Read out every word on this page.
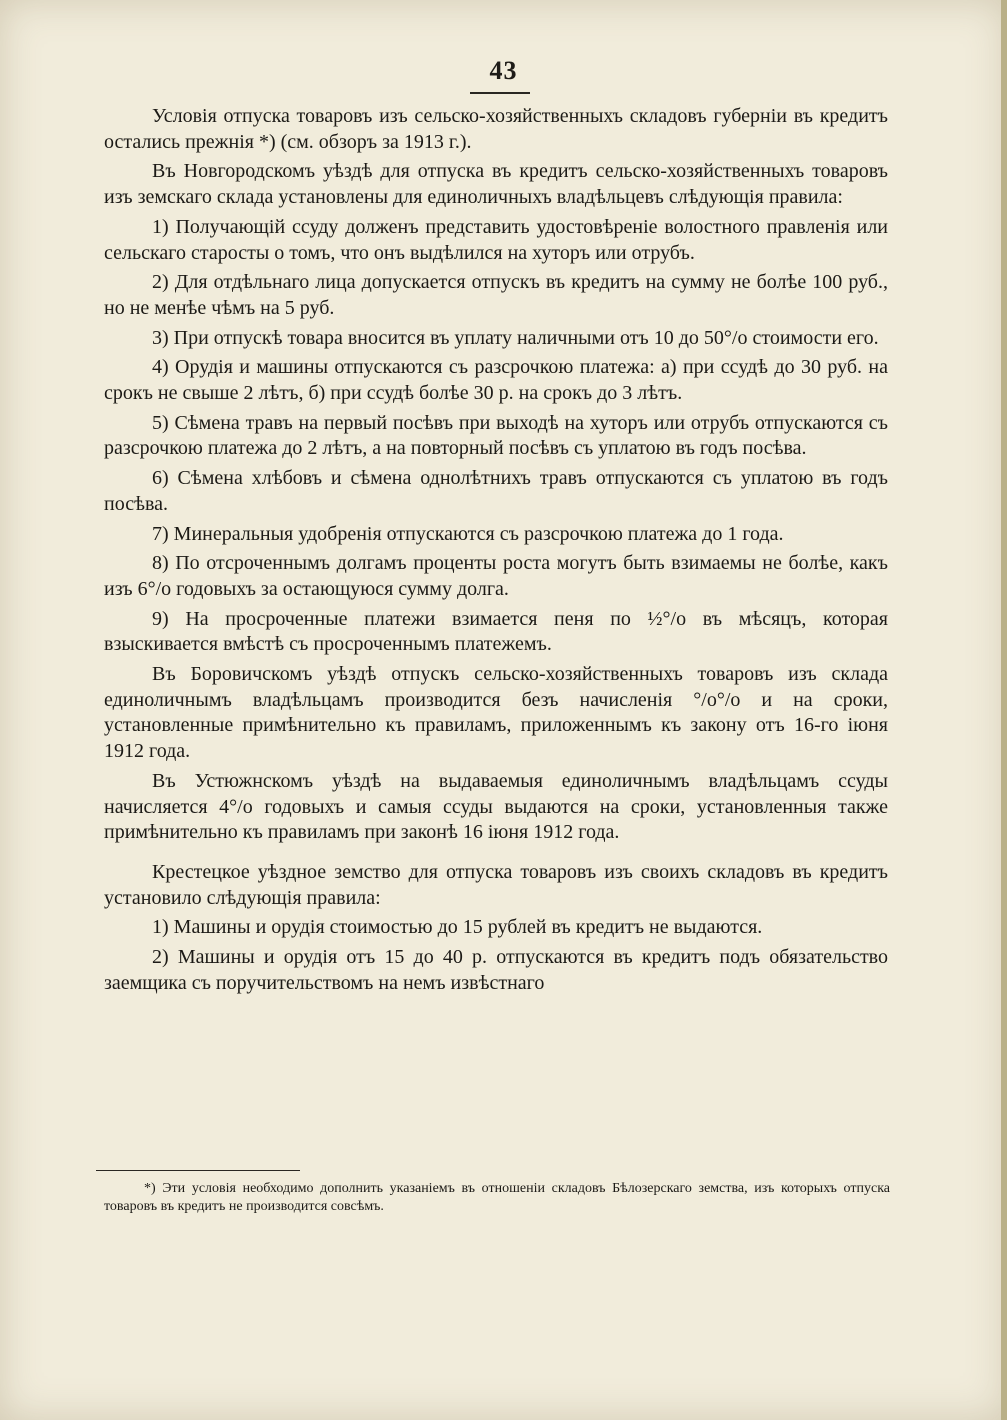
43

Условія отпуска товаровъ изъ сельско-хозяйственныхъ складовъ губерніи въ кредитъ остались прежнія *) (см. обзоръ за 1913 г.).

Въ Новгородскомъ уѣздѣ для отпуска въ кредитъ сельско-хозяйственныхъ товаровъ изъ земскаго склада установлены для единоличныхъ владѣльцевъ слѣдующія правила:

1) Получающій ссуду долженъ представить удостовѣреніе волостного правленія или сельскаго старосты о томъ, что онъ выдѣлился на хуторъ или отрубъ.

2) Для отдѣльнаго лица допускается отпускъ въ кредитъ на сумму не болѣе 100 руб., но не менѣе чѣмъ на 5 руб.

3) При отпускѣ товара вносится въ уплату наличными отъ 10 до 50°/о стоимости его.

4) Орудія и машины отпускаются съ разсрочкою платежа: а) при ссудѣ до 30 руб. на срокъ не свыше 2 лѣтъ, б) при ссудѣ болѣе 30 р. на срокъ до 3 лѣтъ.

5) Сѣмена травъ на первый посѣвъ при выходѣ на хуторъ или отрубъ отпускаются съ разсрочкою платежа до 2 лѣтъ, а на повторный посѣвъ съ уплатою въ годъ посѣва.

6) Сѣмена хлѣбовъ и сѣмена однолѣтнихъ травъ отпускаются съ уплатою въ годъ посѣва.

7) Минеральныя удобренія отпускаются съ разсрочкою платежа до 1 года.

8) По отсроченнымъ долгамъ проценты роста могутъ быть взимаемы не болѣе, какъ изъ 6°/о годовыхъ за остающуюся сумму долга.

9) На просроченные платежи взимается пеня по ½°/о въ мѣсяцъ, которая взыскивается вмѣстѣ съ просроченнымъ платежемъ.

Въ Боровичскомъ уѣздѣ отпускъ сельско-хозяйственныхъ товаровъ изъ склада единоличнымъ владѣльцамъ производится безъ начисленія °/о°/о и на сроки, установленные примѣнительно къ правиламъ, приложеннымъ къ закону отъ 16-го іюня 1912 года.

Въ Устюжнскомъ уѣздѣ на выдаваемыя единоличнымъ владѣльцамъ ссуды начисляется 4°/о годовыхъ и самыя ссуды выдаются на сроки, установленныя также примѣнительно къ правиламъ при законѣ 16 іюня 1912 года.

Крестецкое уѣздное земство для отпуска товаровъ изъ своихъ складовъ въ кредитъ установило слѣдующія правила:

1) Машины и орудія стоимостью до 15 рублей въ кредитъ не выдаются.

2) Машины и орудія отъ 15 до 40 р. отпускаются въ кредитъ подъ обязательство заемщика съ поручительствомъ на немъ извѣстнаго

*) Эти условія необходимо дополнить указаніемъ въ отношеніи складовъ Бѣлозерскаго земства, изъ которыхъ отпуска товаровъ въ кредитъ не производится совсѣмъ.
